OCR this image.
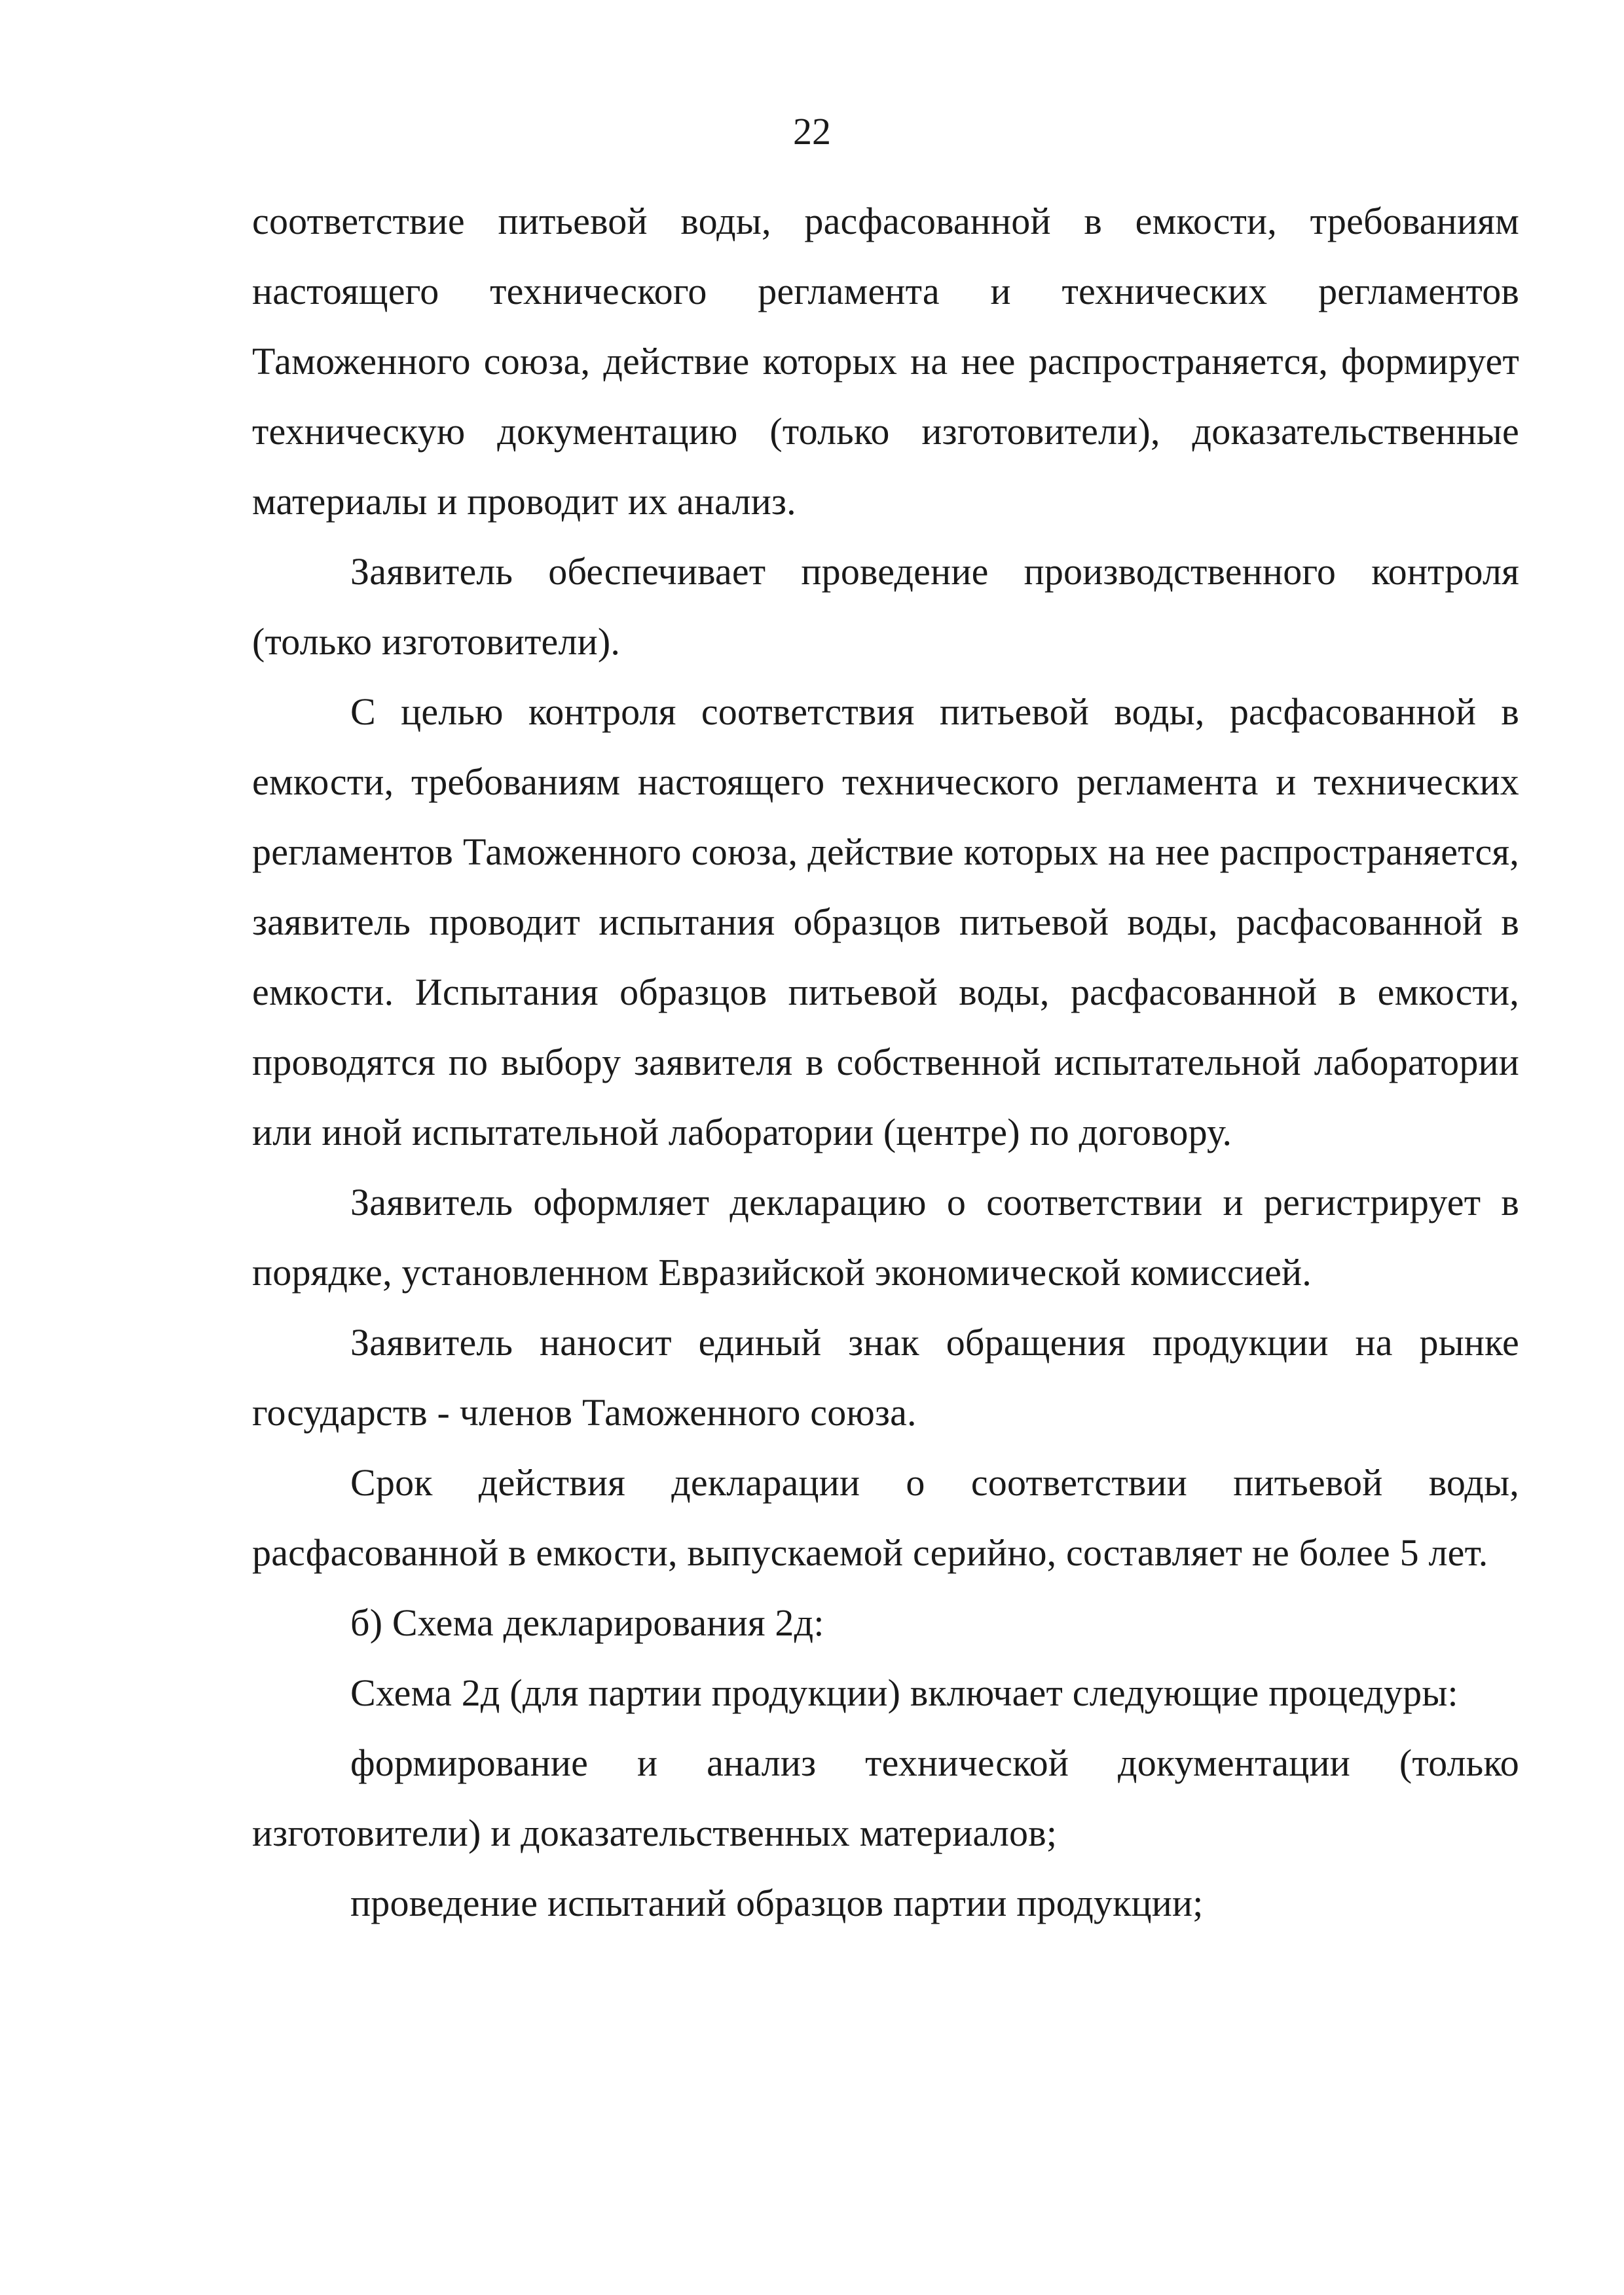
22

соответствие питьевой воды, расфасованной в емкости, требованиям настоящего технического регламента и технических регламентов Таможенного союза, действие которых на нее распространяется, формирует техническую документацию (только изготовители), доказательственные материалы и проводит их анализ.

Заявитель обеспечивает проведение производственного контроля (только изготовители).

С целью контроля соответствия питьевой воды, расфасованной в емкости, требованиям настоящего технического регламента и технических регламентов Таможенного союза, действие которых на нее распространяется, заявитель проводит испытания образцов питьевой воды, расфасованной в емкости. Испытания образцов питьевой воды, расфасованной в емкости, проводятся по выбору заявителя в собственной испытательной лаборатории или иной испытательной лаборатории (центре) по договору.

Заявитель оформляет декларацию о соответствии и регистрирует в порядке, установленном Евразийской экономической комиссией.

Заявитель наносит единый знак обращения продукции на рынке государств - членов Таможенного союза.

Срок действия декларации о соответствии питьевой воды, расфасованной в емкости, выпускаемой серийно, составляет не более 5 лет.

б) Схема декларирования 2д:

Схема 2д (для партии продукции) включает следующие процедуры:

формирование и анализ технической документации (только изготовители) и доказательственных материалов;

проведение испытаний образцов партии продукции;
